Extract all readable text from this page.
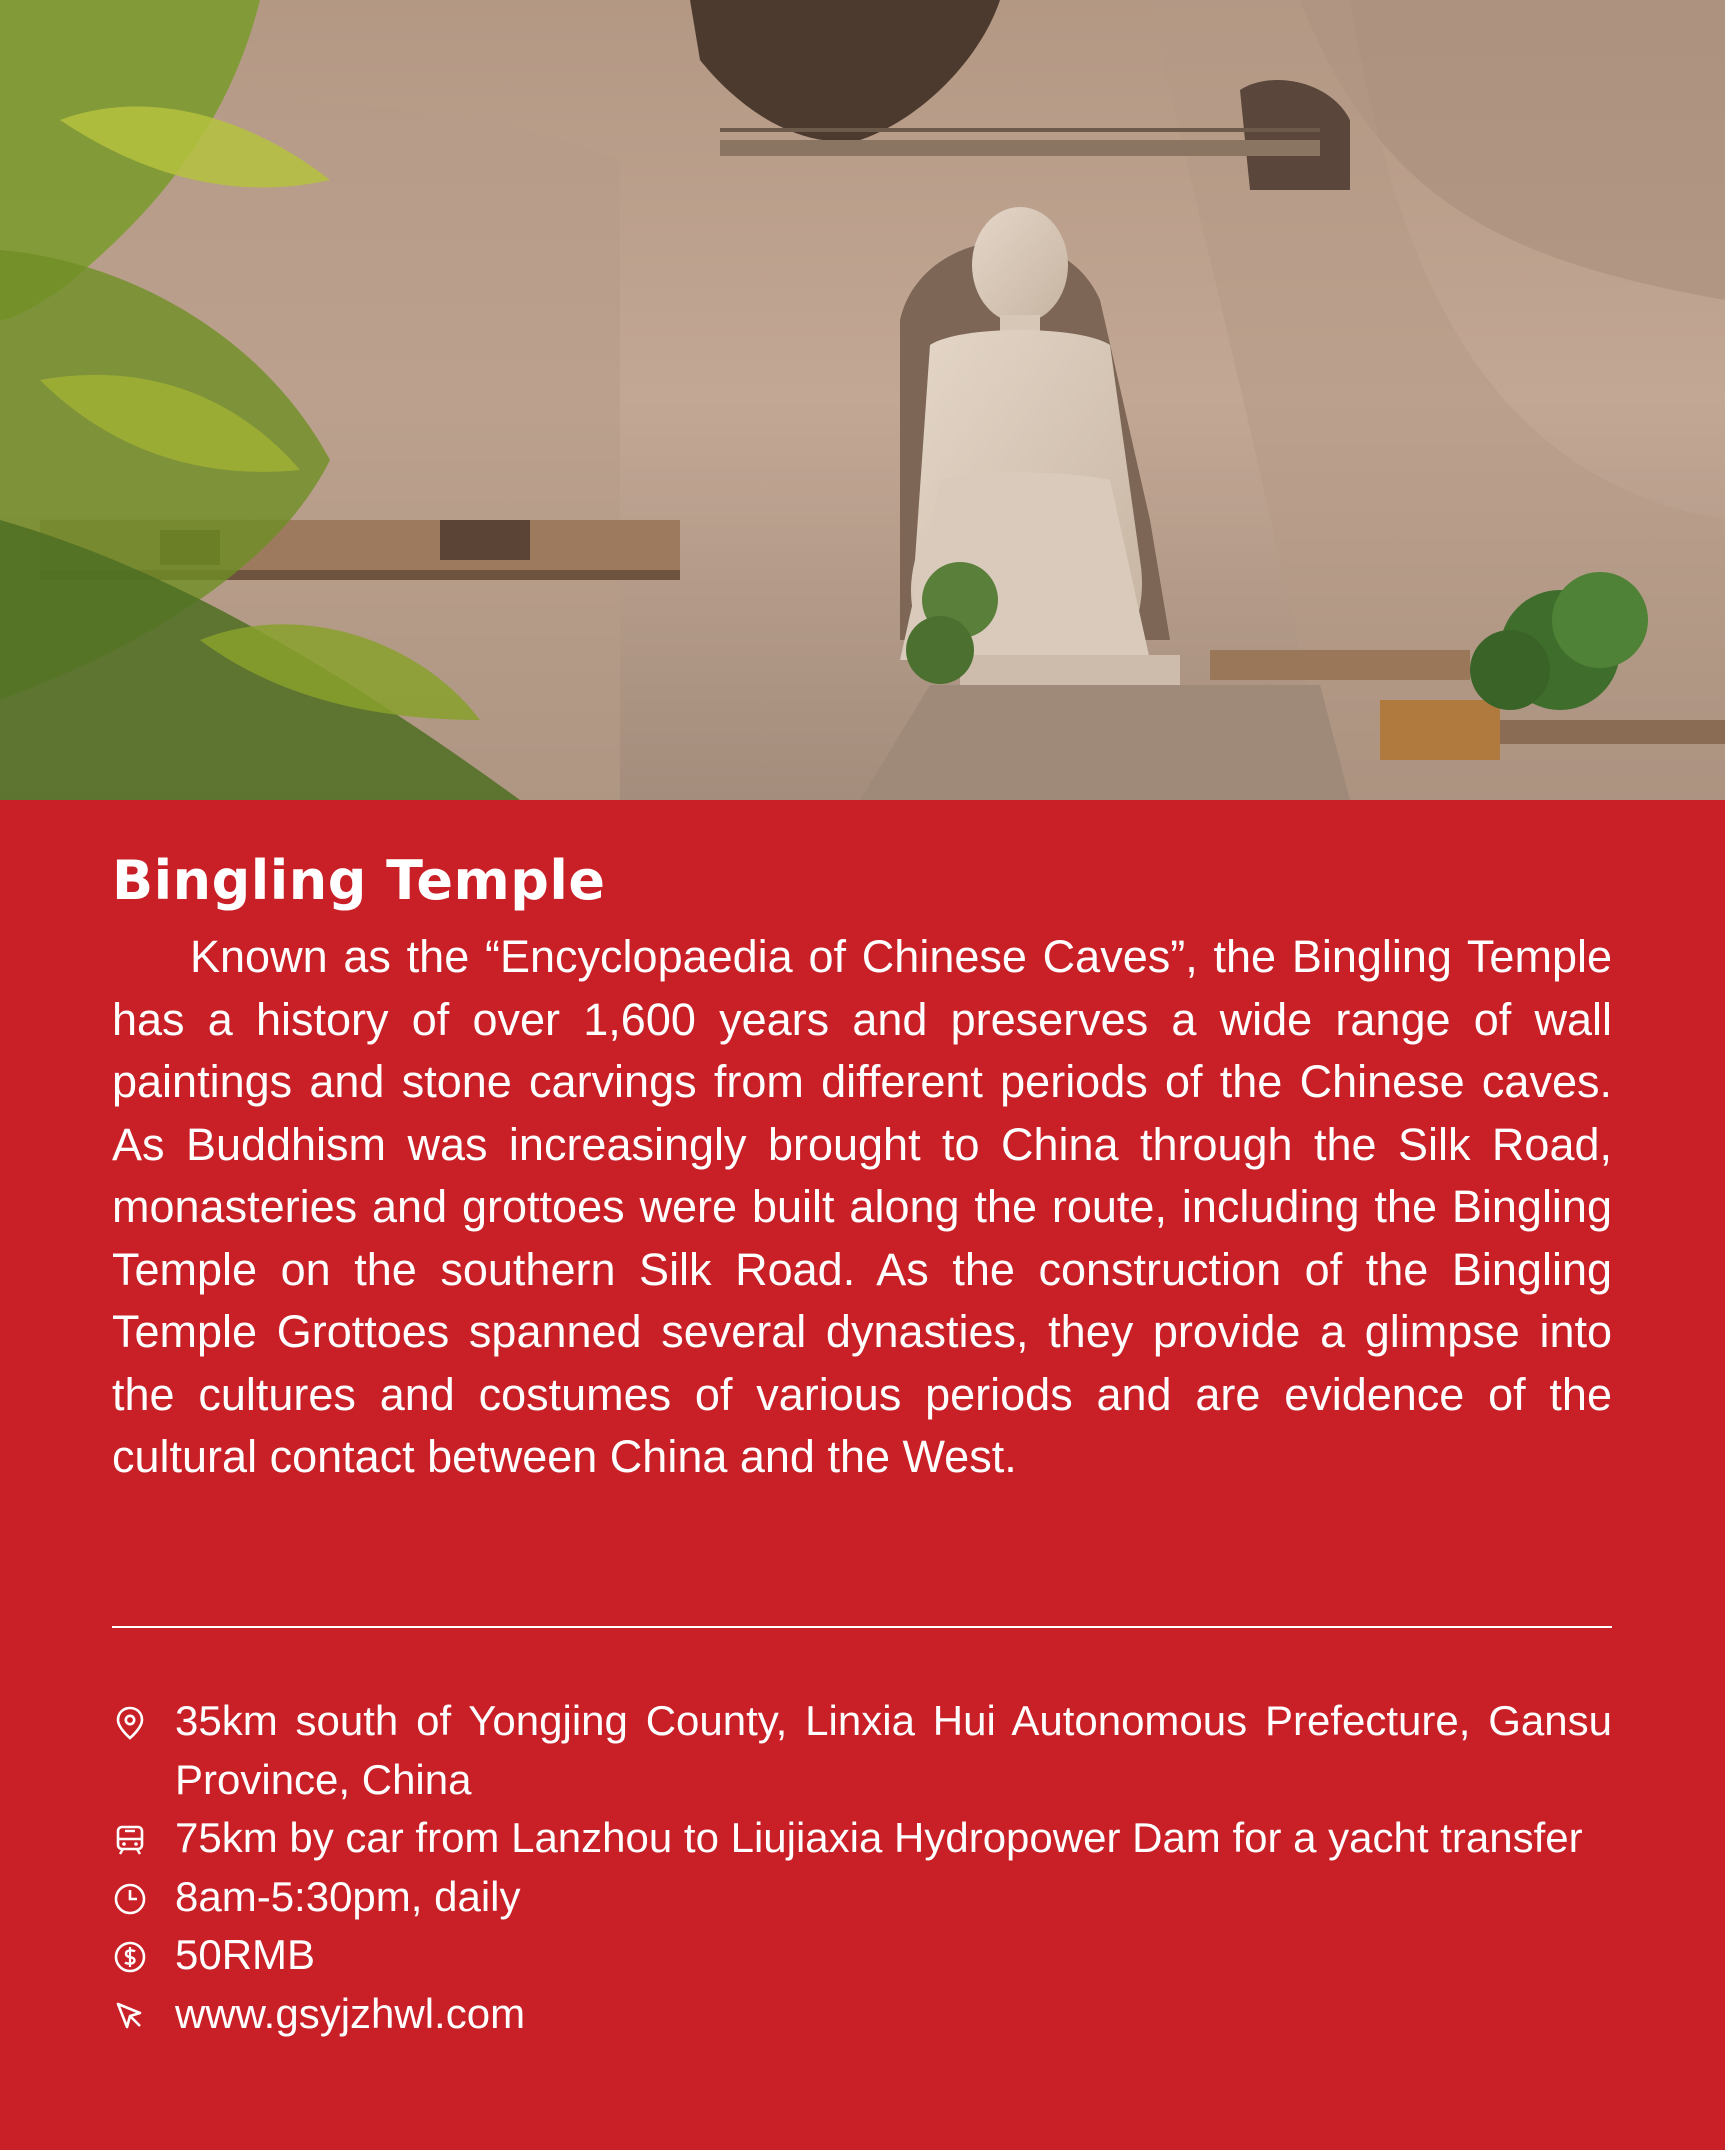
Bingling Temple

Known as the “Encyclopaedia of Chinese Caves”, the Bingling Temple has a history of over 1,600 years and preserves a wide range of wall paintings and stone carvings from different periods of the Chinese caves. As Buddhism was increasingly brought to China through the Silk Road, monasteries and grottoes were built along the route, including the Bingling Temple on the southern Silk Road. As the construction of the Bingling Temple Grottoes spanned several dynasties, they provide a glimpse into the cultures and costumes of various periods and are evidence of the cultural contact between China and the West.

35km south of Yongjing County, Linxia Hui Autonomous Prefecture, Gansu Province, China
75km by car from Lanzhou to Liujiaxia Hydropower Dam for a yacht transfer
8am-5:30pm, daily
50RMB
www.gsyjzhwl.com
